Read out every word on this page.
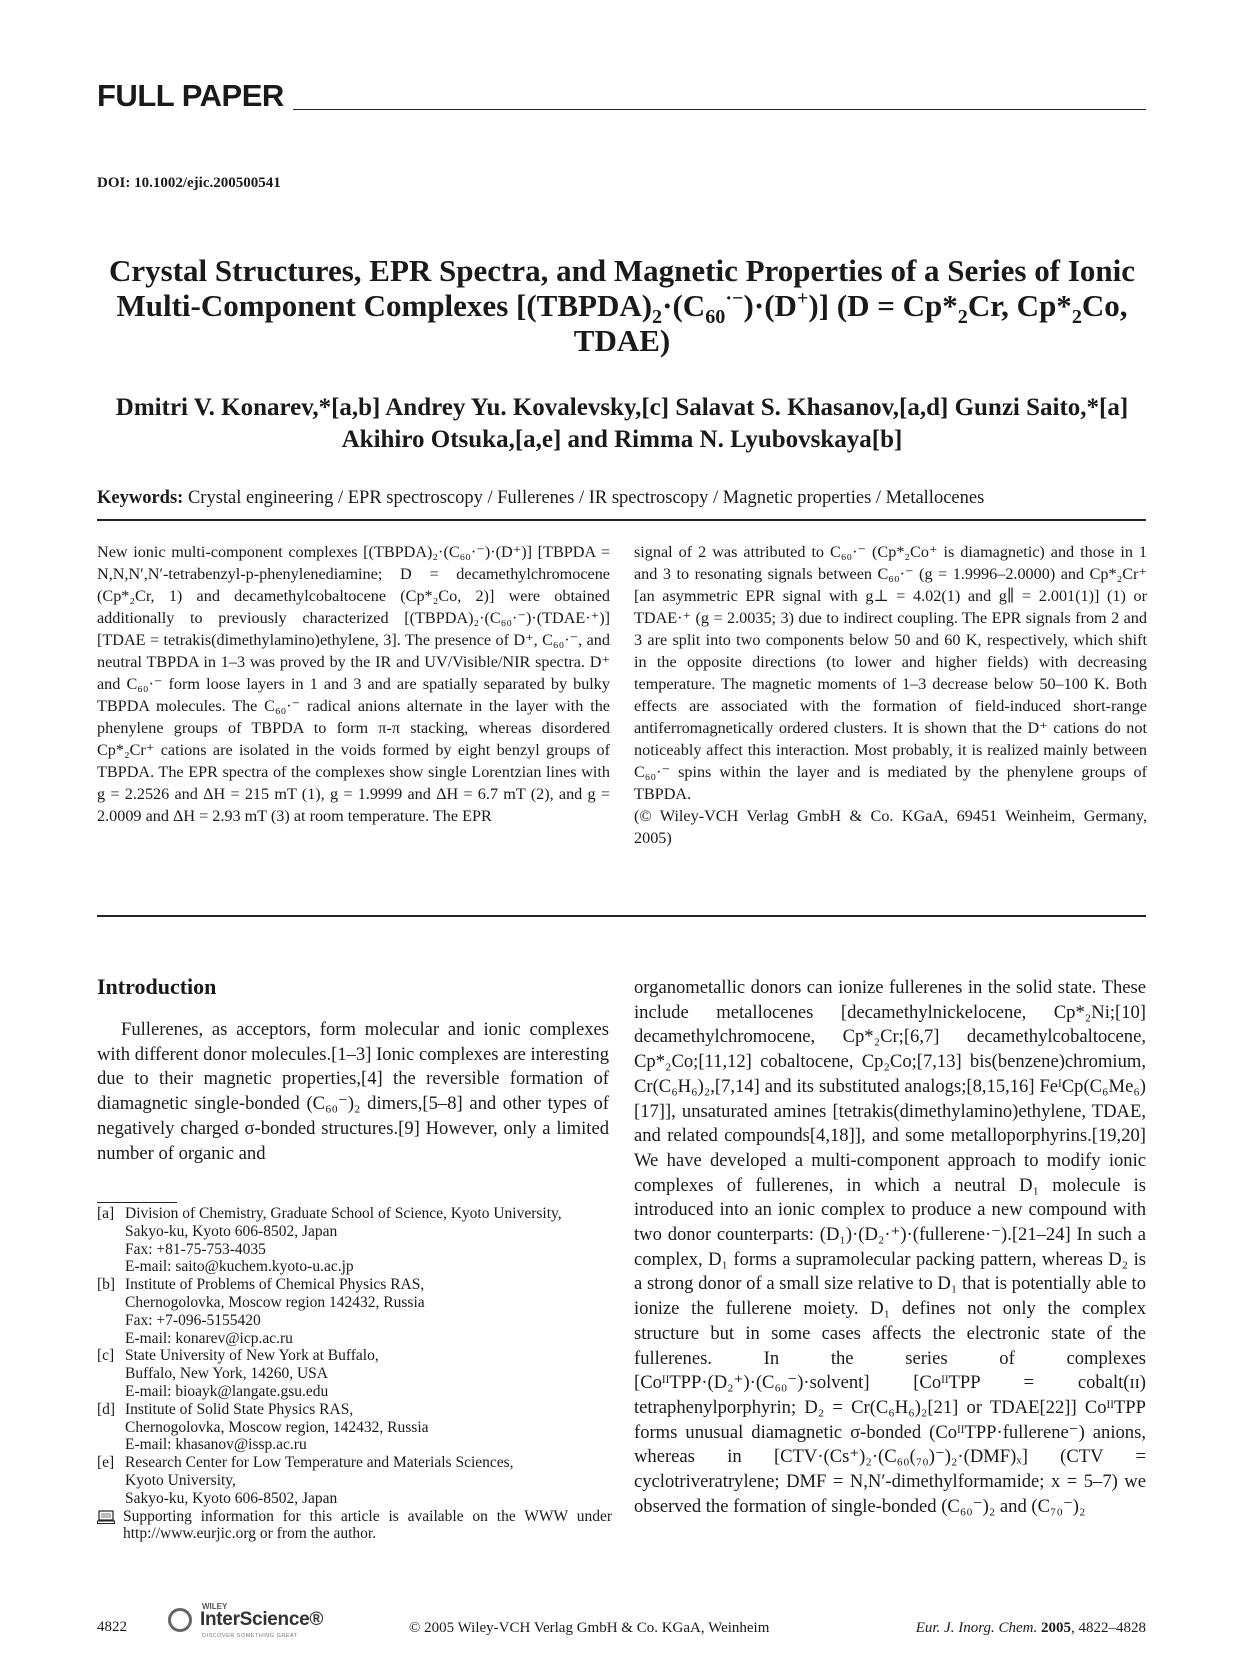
FULL PAPER
DOI: 10.1002/ejic.200500541
Crystal Structures, EPR Spectra, and Magnetic Properties of a Series of Ionic
Multi-Component Complexes $[(TBPDA)_2\cdot(C_{60}^{\cdot-})\cdot(D^+)] (D = Cp*_2Cr$, $Cp*_2Co$,
TDAE)
Dmitri V. Konarev,*[a,b] Andrey Yu. Kovalevsky,[c] Salavat S. Khasanov,[a,d] Gunzi Saito,*[a]
Akihiro Otsuka,[a,e] and Rimma N. Lyubovskaya[b]
Keywords: Crystal engineering / EPR spectroscopy / Fullerenes / IR spectroscopy / Magnetic properties / Metallocenes
New ionic multi-component complexes [(TBPDA)₂·(C₆₀·⁻)·(D⁺)] [TBPDA = N,N,N′,N′-tetrabenzyl-p-phenylenediamine; D = decamethylchromocene (Cp*₂Cr, 1) and decamethylcobaltocene (Cp*₂Co, 2)] were obtained additionally to previously characterized [(TBPDA)₂·(C₆₀·⁻)·(TDAE·⁺)] [TDAE = tetrakis(dimethylamino)ethylene, 3]. The presence of D⁺, C₆₀·⁻, and neutral TBPDA in 1–3 was proved by the IR and UV/Visible/NIR spectra. D⁺ and C₆₀·⁻ form loose layers in 1 and 3 and are spatially separated by bulky TBPDA molecules. The C₆₀·⁻ radical anions alternate in the layer with the phenylene groups of TBPDA to form π-π stacking, whereas disordered Cp*₂Cr⁺ cations are isolated in the voids formed by eight benzyl groups of TBPDA. The EPR spectra of the complexes show single Lorentzian lines with g = 2.2526 and ΔH = 215 mT (1), g = 1.9999 and ΔH = 6.7 mT (2), and g = 2.0009 and ΔH = 2.93 mT (3) at room temperature. The EPR
signal of 2 was attributed to C₆₀·⁻ (Cp*₂Co⁺ is diamagnetic) and those in 1 and 3 to resonating signals between C₆₀·⁻ (g = 1.9996–2.0000) and Cp*₂Cr⁺ [an asymmetric EPR signal with g⊥ = 4.02(1) and g∥ = 2.001(1)] (1) or TDAE·⁺ (g = 2.0035; 3) due to indirect coupling. The EPR signals from 2 and 3 are split into two components below 50 and 60 K, respectively, which shift in the opposite directions (to lower and higher fields) with decreasing temperature. The magnetic moments of 1–3 decrease below 50–100 K. Both effects are associated with the formation of field-induced short-range antiferromagnetically ordered clusters. It is shown that the D⁺ cations do not noticeably affect this interaction. Most probably, it is realized mainly between C₆₀·⁻ spins within the layer and is mediated by the phenylene groups of TBPDA.
(© Wiley-VCH Verlag GmbH & Co. KGaA, 69451 Weinheim, Germany, 2005)
Introduction
Fullerenes, as acceptors, form molecular and ionic complexes with different donor molecules.[1–3] Ionic complexes are interesting due to their magnetic properties,[4] the reversible formation of diamagnetic single-bonded (C₆₀⁻)₂ dimers,[5–8] and other types of negatively charged σ-bonded structures.[9] However, only a limited number of organic and
organometallic donors can ionize fullerenes in the solid state. These include metallocenes [decamethylnickelocene, Cp*₂Ni;[10] decamethylchromocene, Cp*₂Cr;[6,7] decamethylcobaltocene, Cp*₂Co;[11,12] cobaltocene, Cp₂Co;[7,13] bis(benzene)chromium, Cr(C₆H₆)₂,[7,14] and its substituted analogs;[8,15,16] FeᴵCp(C₆Me₆)[17]], unsaturated amines [tetrakis(dimethylamino)ethylene, TDAE, and related compounds[4,18]], and some metalloporphyrins.[19,20] We have developed a multi-component approach to modify ionic complexes of fullerenes, in which a neutral D₁ molecule is introduced into an ionic complex to produce a new compound with two donor counterparts: (D₁)·(D₂·⁺)·(fullerene·⁻).[21–24] In such a complex, D₁ forms a supramolecular packing pattern, whereas D₂ is a strong donor of a small size relative to D₁ that is potentially able to ionize the fullerene moiety. D₁ defines not only the complex structure but in some cases affects the electronic state of the fullerenes. In the series of complexes [CoᴵᴵTPP·(D₂⁺)·(C₆₀⁻)·solvent] [CoᴵᴵTPP = cobalt(ɪɪ) tetraphenylporphyrin; D₂ = Cr(C₆H₆)₂[21] or TDAE[22]] CoᴵᴵTPP forms unusual diamagnetic σ-bonded (CoᴵᴵTPP·fullerene⁻) anions, whereas in [CTV·(Cs⁺)₂·(C₆₀(₇₀)⁻)₂·(DMF)ₓ] (CTV = cyclotriveratrylene; DMF = N,N′-dimethylformamide; x = 5–7) we observed the formation of single-bonded (C₆₀⁻)₂ and (C₇₀⁻)₂
[a] Division of Chemistry, Graduate School of Science, Kyoto University,
Sakyo-ku, Kyoto 606-8502, Japan
Fax: +81-75-753-4035
E-mail: saito@kuchem.kyoto-u.ac.jp
[b] Institute of Problems of Chemical Physics RAS,
Chernogolovka, Moscow region 142432, Russia
Fax: +7-096-5155420
E-mail: konarev@icp.ac.ru
[c] State University of New York at Buffalo,
Buffalo, New York, 14260, USA
E-mail: bioayk@langate.gsu.edu
[d] Institute of Solid State Physics RAS,
Chernogolovka, Moscow region, 142432, Russia
E-mail: khasanov@issp.ac.ru
[e] Research Center for Low Temperature and Materials Sciences,
Kyoto University,
Sakyo-ku, Kyoto 606-8502, Japan
Supporting information for this article is available on the WWW under http://www.eurjic.org or from the author.
4822
WILEY
InterScience®
DISCOVER SOMETHING GREAT	© 2005 Wiley-VCH Verlag GmbH & Co. KGaA, Weinheim	Eur. J. Inorg. Chem. 2005, 4822–4828
